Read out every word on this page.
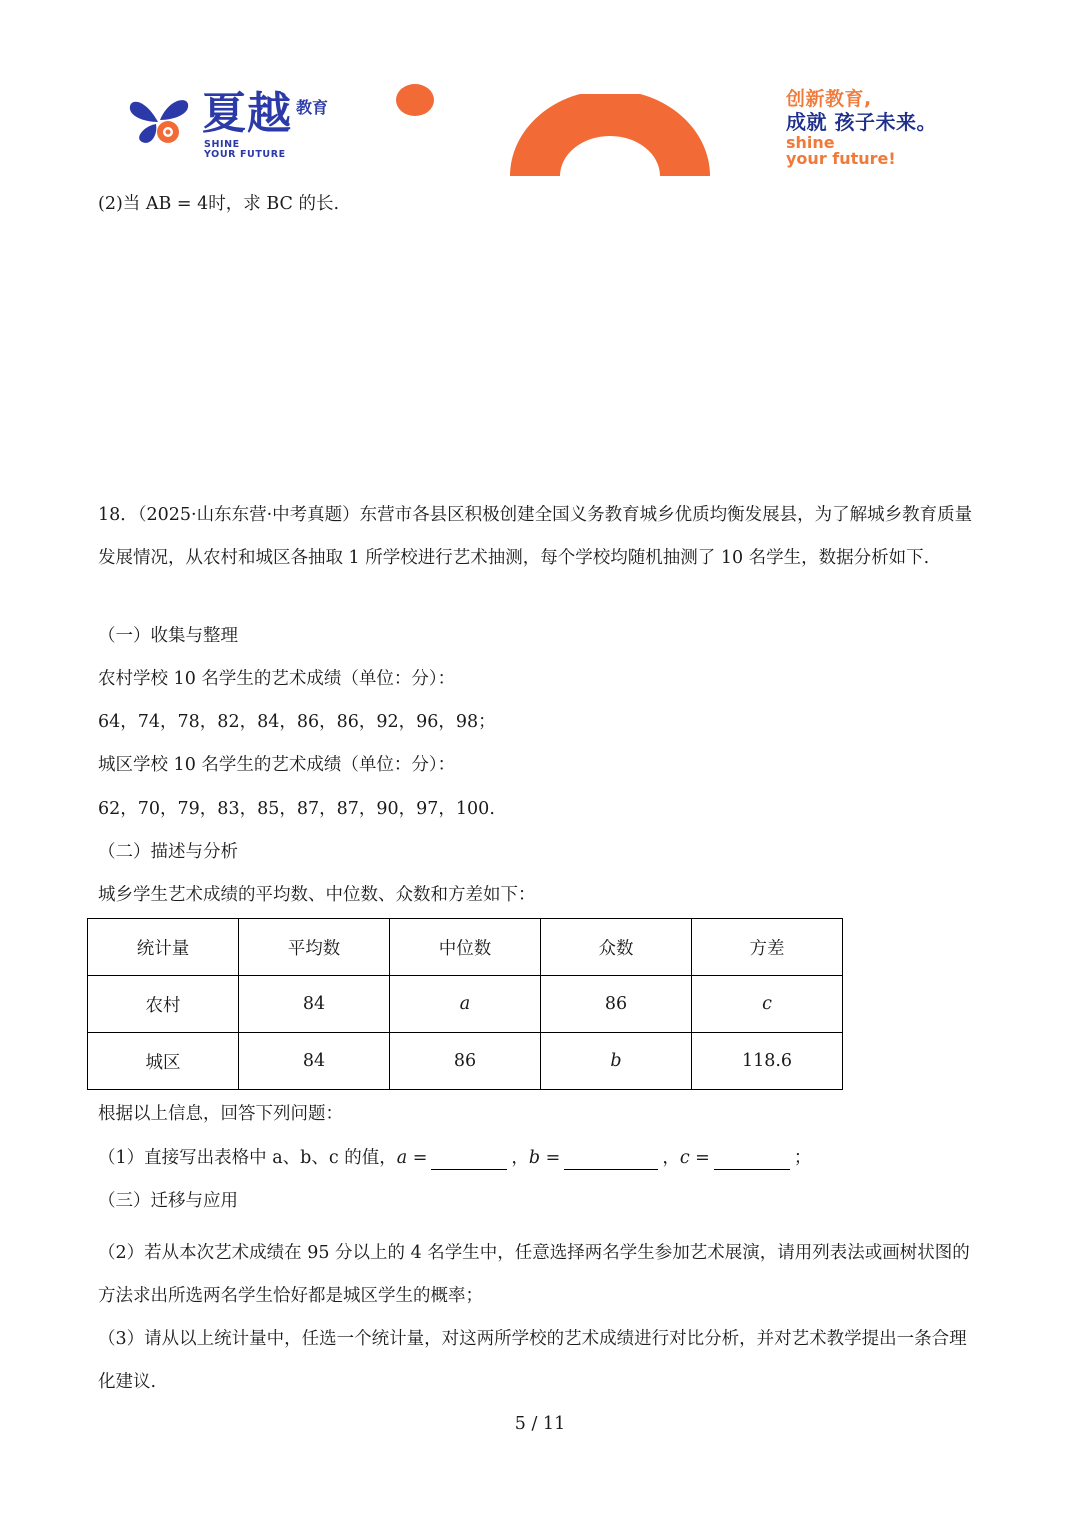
夏越 教育
SHINE
YOUR FUTURE
创新教育,
成就 孩子未来。
shine
your future!
(2)当 AB = 4时，求 BC 的长.
18．（2025·山东东营·中考真题）东营市各县区积极创建全国义务教育城乡优质均衡发展县，为了解城乡教育质量发展情况，从农村和城区各抽取 1 所学校进行艺术抽测，每个学校均随机抽测了 10 名学生，数据分析如下.
（一）收集与整理
农村学校 10 名学生的艺术成绩（单位：分）：
64，74，78，82，84，86，86，92，96，98；
城区学校 10 名学生的艺术成绩（单位：分）：
62，70，79，83，85，87，87，90，97，100.
（二）描述与分析
城乡学生艺术成绩的平均数、中位数、众数和方差如下：
统计量	平均数	中位数	众数	方差
农村	84	a	86	c
城区	84	86	b	118.6
根据以上信息，回答下列问题：
（1）直接写出表格中 a、b、c 的值，a =	，b =	，c =	；
（三）迁移与应用
（2）若从本次艺术成绩在 95 分以上的 4 名学生中，任意选择两名学生参加艺术展演，请用列表法或画树状图的方法求出所选两名学生恰好都是城区学生的概率；
（3）请从以上统计量中，任选一个统计量，对这两所学校的艺术成绩进行对比分析，并对艺术教学提出一条合理化建议.
5 / 11
